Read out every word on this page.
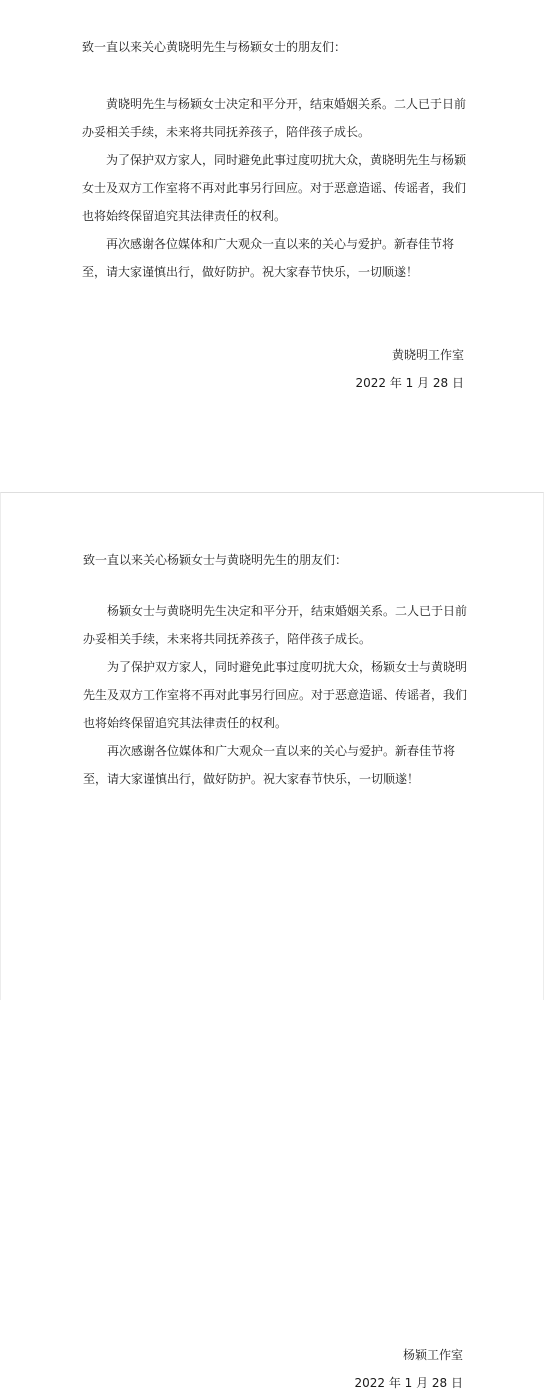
致一直以来关心黄晓明先生与杨颖女士的朋友们：

黄晓明先生与杨颖女士决定和平分开，结束婚姻关系。二人已于日前办妥相关手续，未来将共同抚养孩子，陪伴孩子成长。

为了保护双方家人，同时避免此事过度叨扰大众，黄晓明先生与杨颖女士及双方工作室将不再对此事另行回应。对于恶意造谣、传谣者，我们也将始终保留追究其法律责任的权利。

再次感谢各位媒体和广大观众一直以来的关心与爱护。新春佳节将至，请大家谨慎出行，做好防护。祝大家春节快乐，一切顺遂！

黄晓明工作室
2022 年 1 月 28 日
致一直以来关心杨颖女士与黄晓明先生的朋友们：

杨颖女士与黄晓明先生决定和平分开，结束婚姻关系。二人已于日前办妥相关手续，未来将共同抚养孩子，陪伴孩子成长。

为了保护双方家人，同时避免此事过度叨扰大众，杨颖女士与黄晓明先生及双方工作室将不再对此事另行回应。对于恶意造谣、传谣者，我们也将始终保留追究其法律责任的权利。

再次感谢各位媒体和广大观众一直以来的关心与爱护。新春佳节将至，请大家谨慎出行，做好防护。祝大家春节快乐，一切顺遂！

杨颖工作室
2022 年 1 月 28 日
